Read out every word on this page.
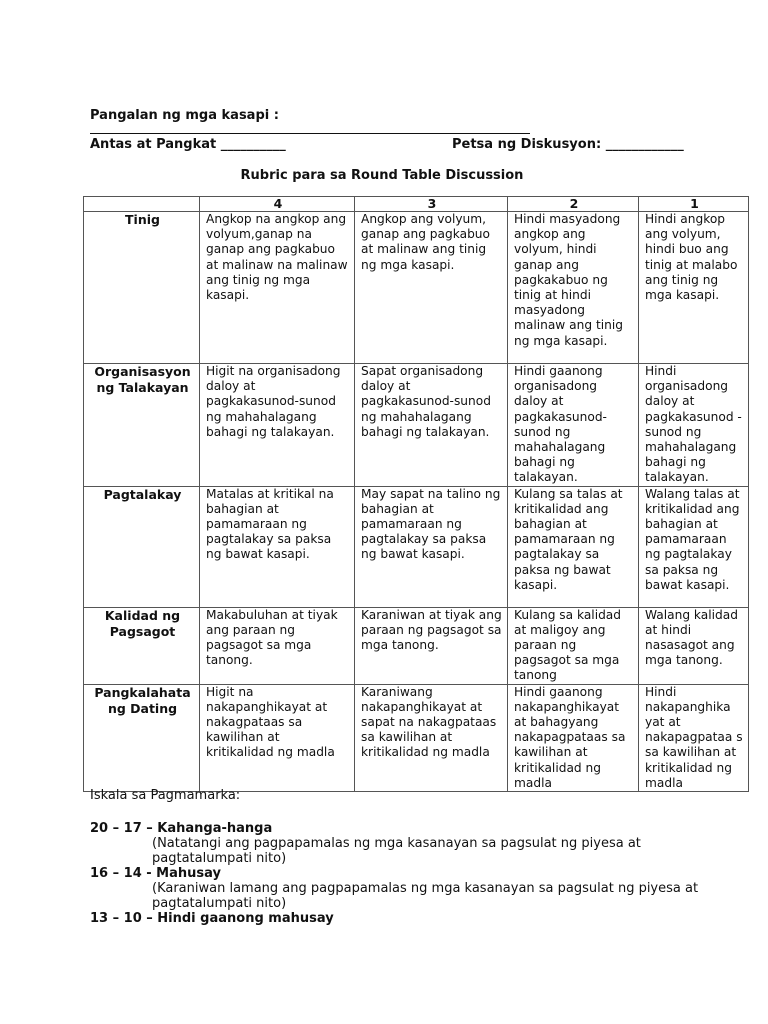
Pangalan ng mga kasapi :
Antas at Pangkat __________	Petsa ng Diskusyon: ____________
Rubric para sa Round Table Discussion
	4	3	2	1
Tinig	Angkop na angkop ang volyum,ganap na ganap ang pagkabuo at malinaw na malinaw ang tinig ng mga kasapi.	Angkop ang volyum, ganap ang pagkabuo at malinaw ang tinig ng mga kasapi.	Hindi masyadong angkop ang volyum, hindi ganap ang pagkakabuo ng tinig at hindi masyadong malinaw ang tinig ng mga kasapi.	Hindi angkop ang volyum, hindi buo ang tinig at malabo ang tinig ng mga kasapi.
Organisasyon ng Talakayan	Higit na organisadong daloy at pagkakasunod-sunod ng mahahalagang bahagi ng talakayan.	Sapat organisadong daloy at pagkakasunod-sunod ng mahahalagang bahagi ng talakayan.	Hindi gaanong organisadong daloy at pagkakasunod-sunod ng mahahalagang bahagi ng talakayan.	Hindi organisadong daloy at pagkakasunod -sunod ng mahahalagang bahagi ng talakayan.
Pagtalakay	Matalas at kritikal na bahagian at pamamaraan ng pagtalakay sa paksa ng bawat kasapi.	May sapat na talino ng bahagian at pamamaraan ng pagtalakay sa paksa ng bawat kasapi.	Kulang sa talas at kritikalidad ang bahagian at pamamaraan ng pagtalakay sa paksa ng bawat kasapi.	Walang talas at kritikalidad ang bahagian at pamamaraan ng pagtalakay sa paksa ng bawat kasapi.
Kalidad ng Pagsagot	Makabuluhan at tiyak ang paraan ng pagsagot sa mga tanong.	Karaniwan at tiyak ang paraan ng pagsagot sa mga tanong.	Kulang sa kalidad at maligoy ang paraan ng pagsagot sa mga tanong	Walang kalidad at hindi nasasagot ang mga tanong.
Pangkalahata ng Dating	Higit na nakapanghikayat at nakagpataas sa kawilihan at kritikalidad ng madla	Karaniwang nakapanghikayat at sapat na nakagpataas sa kawilihan at kritikalidad ng madla	Hindi gaanong nakapanghikayat at bahagyang nakapagpataas sa kawilihan at kritikalidad ng madla	Hindi nakapanghika yat at nakapagpataa s sa kawilihan at kritikalidad ng madla
Iskala sa Pagmamarka:
20 – 17 – Kahanga-hanga
(Natatangi ang pagpapamalas ng mga kasanayan sa pagsulat ng piyesa at pagtatalumpati nito)
16 – 14 - Mahusay
(Karaniwan lamang ang pagpapamalas ng mga kasanayan sa pagsulat ng piyesa at pagtatalumpati nito)
13 – 10 – Hindi gaanong mahusay
